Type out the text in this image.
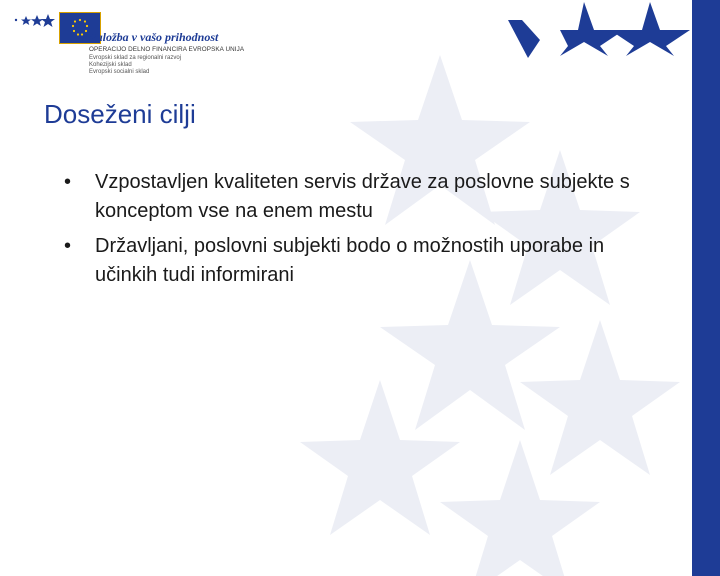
Naložba v vašo prihodnost
OPERACIJO DELNO FINANCIRA EVROPSKA UNIJA
Evropski sklad za regionalni razvoj
Kohezijski sklad
Evropski socialni sklad
Doseženi cilji
• Vzpostavljen kvaliteten servis države za poslovne subjekte s konceptom vse na enem mestu
• Državljani, poslovni subjekti bodo o možnostih uporabe in učinkih tudi informirani
